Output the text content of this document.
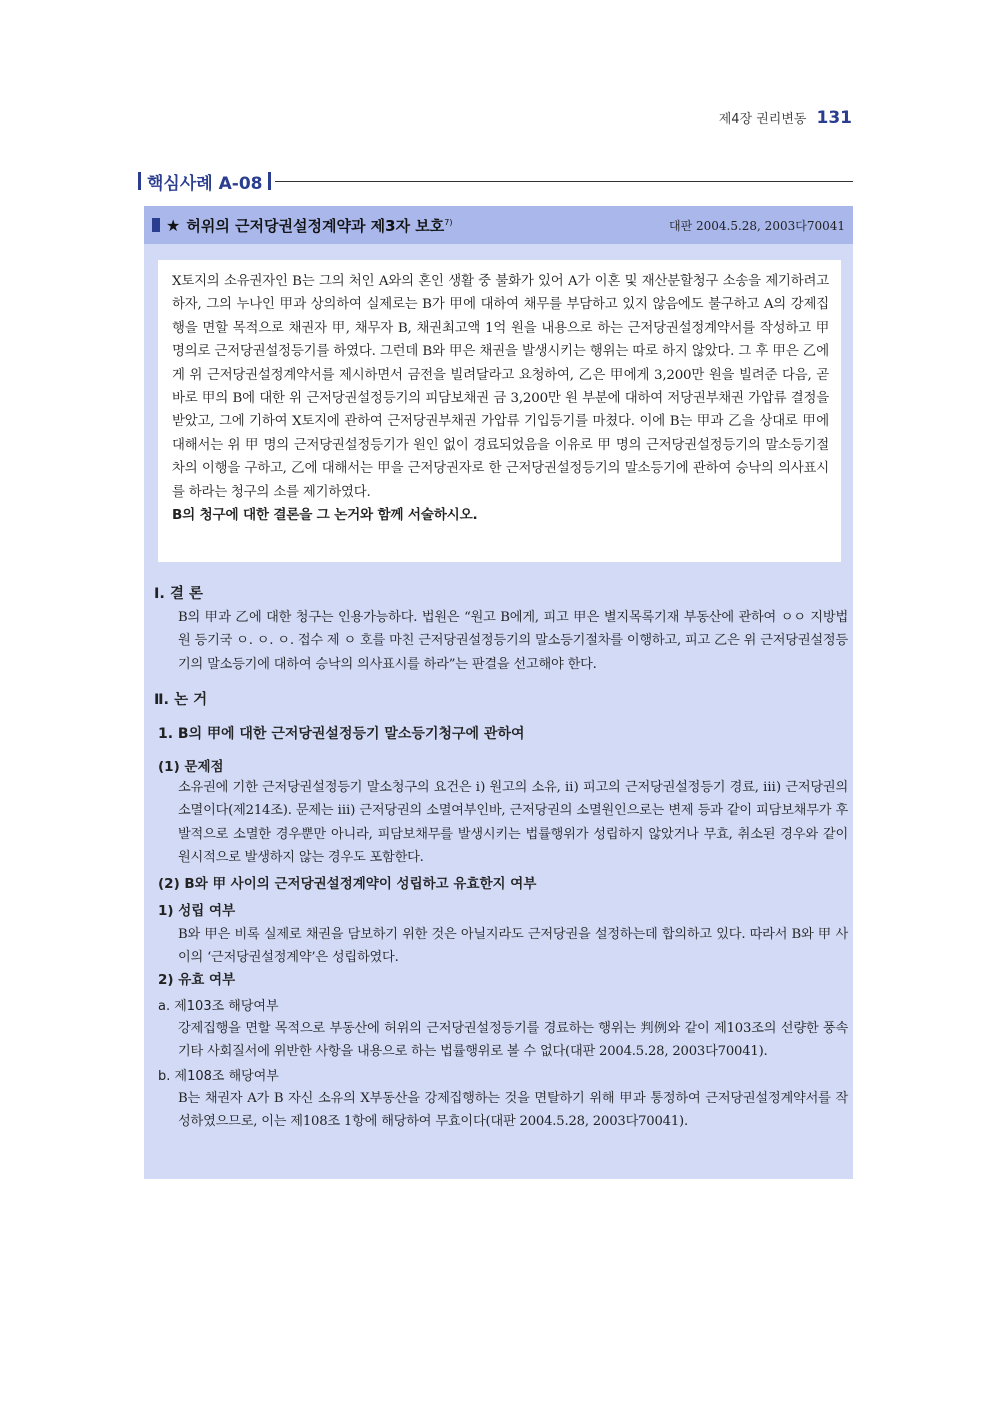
제4장 권리변동 131
핵심사례 A-08
★ 허위의 근저당권설정계약과 제3자 보호$^{7)}$	대판 2004.5.28, 2003다70041

X토지의 소유권자인 B는 그의 처인 A와의 혼인 생활 중 불화가 있어 A가 이혼 및 재산분할청구 소송을 제기하려고 하자, 그의 누나인 甲과 상의하여 실제로는 B가 甲에 대하여 채무를 부담하고 있지 않음에도 불구하고 A의 강제집행을 면할 목적으로 채권자 甲, 채무자 B, 채권최고액 1억 원을 내용으로 하는 근저당권설정계약서를 작성하고 甲 명의로 근저당권설정등기를 하였다. 그런데 B와 甲은 채권을 발생시키는 행위는 따로 하지 않았다. 그 후 甲은 乙에게 위 근저당권설정계약서를 제시하면서 금전을 빌려달라고 요청하여, 乙은 甲에게 3,200만 원을 빌려준 다음, 곧바로 甲의 B에 대한 위 근저당권설정등기의 피담보채권 금 3,200만 원 부분에 대하여 저당권부채권 가압류 결정을 받았고, 그에 기하여 X토지에 관하여 근저당권부채권 가압류 기입등기를 마쳤다. 이에 B는 甲과 乙을 상대로 甲에 대해서는 위 甲 명의 근저당권설정등기가 원인 없이 경료되었음을 이유로 甲 명의 근저당권설정등기의 말소등기절차의 이행을 구하고, 乙에 대해서는 甲을 근저당권자로 한 근저당권설정등기의 말소등기에 관하여 승낙의 의사표시를 하라는 청구의 소를 제기하였다.

B의 청구에 대한 결론을 그 논거와 함께 서술하시오.

Ⅰ. 결 론

B의 甲과 乙에 대한 청구는 인용가능하다. 법원은 “원고 B에게, 피고 甲은 별지목록기재 부동산에 관하여 ㅇㅇ 지방법원 등기국 ㅇ. ㅇ. ㅇ. 접수 제 ㅇ 호를 마친 근저당권설정등기의 말소등기절차를 이행하고, 피고 乙은 위 근저당권설정등기의 말소등기에 대하여 승낙의 의사표시를 하라”는 판결을 선고해야 한다.

Ⅱ. 논 거
1. B의 甲에 대한 근저당권설정등기 말소등기청구에 관하여
(1) 문제점

소유권에 기한 근저당권설정등기 말소청구의 요건은 ⅰ) 원고의 소유, ⅱ) 피고의 근저당권설정등기 경료, ⅲ) 근저당권의 소멸이다(제214조). 문제는 ⅲ) 근저당권의 소멸여부인바, 근저당권의 소멸원인으로는 변제 등과 같이 피담보채무가 후발적으로 소멸한 경우뿐만 아니라, 피담보채무를 발생시키는 법률행위가 성립하지 않았거나 무효, 취소된 경우와 같이 원시적으로 발생하지 않는 경우도 포함한다.

(2) B와 甲 사이의 근저당권설정계약이 성립하고 유효한지 여부
1) 성립 여부

B와 甲은 비록 실제로 채권을 담보하기 위한 것은 아닐지라도 근저당권을 설정하는데 합의하고 있다. 따라서 B와 甲 사이의 ‘근저당권설정계약’은 성립하였다.

2) 유효 여부
a. 제103조 해당여부

강제집행을 면할 목적으로 부동산에 허위의 근저당권설정등기를 경료하는 행위는 判例와 같이 제103조의 선량한 풍속 기타 사회질서에 위반한 사항을 내용으로 하는 법률행위로 볼 수 없다(대판 2004.5.28, 2003다70041).

b. 제108조 해당여부

B는 채권자 A가 B 자신 소유의 X부동산을 강제집행하는 것을 면탈하기 위해 甲과 통정하여 근저당권설정계약서를 작성하였으므로, 이는 제108조 1항에 해당하여 무효이다(대판 2004.5.28, 2003다70041).
